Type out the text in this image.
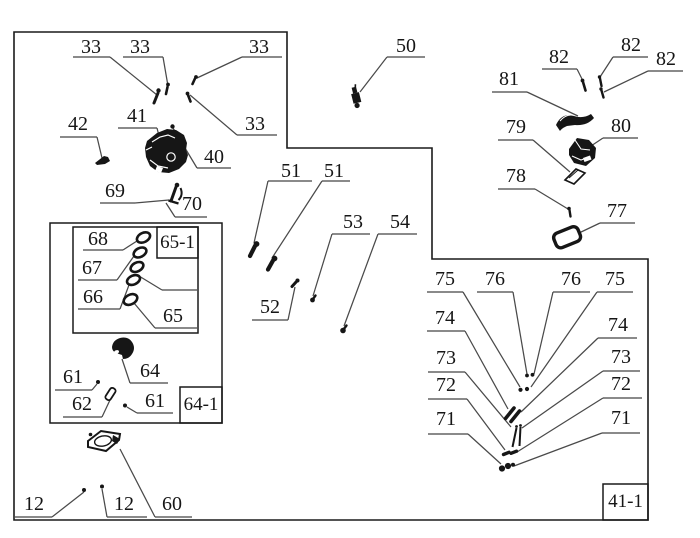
33 33	33
33
42 41
40
69
70
50	82
82
82
81
79	80
78
77
51 51
52
53 54
68
67
66
65
64
61
62	61
12	12 60
75 76	76 75
74	74
73	73
72	72
71	71
65-1
64-1
41-1
